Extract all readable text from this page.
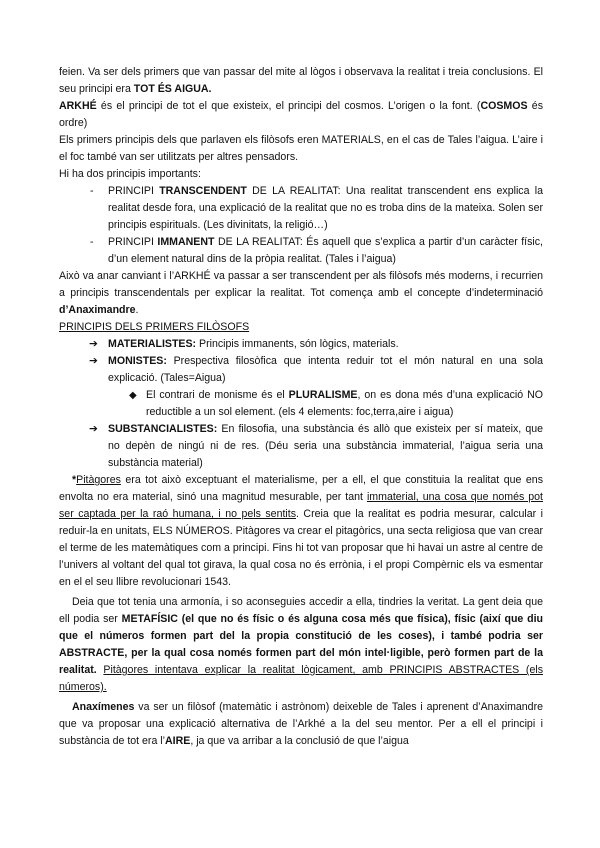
feien. Va ser dels primers que van passar del mite al lògos i observava la realitat i treia conclusions. El seu principi era TOT ÉS AIGUA.

ARKHÉ és el principi de tot el que existeix, el principi del cosmos. L’origen o la font. (COSMOS és ordre)

Els primers principis dels que parlaven els filòsofs eren MATERIALS, en el cas de Tales l’aigua. L’aire i el foc també van ser utilitzats per altres pensadors.

Hi ha dos principis importants:

- PRINCIPI TRANSCENDENT DE LA REALITAT: Una realitat transcendent ens explica la realitat desde fora, una explicació de la realitat que no es troba dins de la mateixa. Solen ser principis espirituals. (Les divinitats, la religió…)
- PRINCIPI IMMANENT DE LA REALITAT: És aquell que s’explica a partir d’un caràcter físic, d’un element natural dins de la pròpia realitat. (Tales i l’aigua)

Això va anar canviant i l’ARKHÉ va passar a ser transcendent per als filòsofs més moderns, i recurrien a principis transcendentals per explicar la realitat. Tot comença amb el concepte d’indeterminació d’Anaximandre.

PRINCIPIS DELS PRIMERS FILÒSOFS

➔ MATERIALISTES: Principis immanents, són lògics, materials.
➔ MONISTES: Prespectiva filosòfica que intenta reduir tot el món natural en una sola explicació. (Tales=Aigua)
◆ El contrari de monisme és el PLURALISME, on es dona més d’una explicació NO reductible a un sol element. (els 4 elements: foc,terra,aire i aigua)
➔ SUBSTANCIALISTES: En filosofia, una substància és allò que existeix per sí mateix, que no depèn de ningú ni de res. (Déu seria una substància immaterial, l’aigua seria una substància material)

*Pitàgores era tot això exceptuant el materialisme, per a ell, el que constituia la realitat que ens envolta no era material, sinó una magnitud mesurable, per tant immaterial, una cosa que només pot ser captada per la raó humana, i no pels sentits. Creia que la realitat es podria mesurar, calcular i reduir-la en unitats, ELS NÚMEROS. Pitàgores va crear el pitagòrics, una secta religiosa que van crear el terme de les matemàtiques com a principi. Fins hi tot van proposar que hi havai un astre al centre de l’univers al voltant del qual tot girava, la qual cosa no és errònia, i el propi Compèrnic els va esmentar en el el seu llibre revolucionari 1543.

Deia que tot tenia una armonía, i so aconseguies accedir a ella, tindries la veritat. La gent deia que ell podia ser METAFÍSIC (el que no és físic o és alguna cosa més que física), físic (així que diu que el números formen part del la propia constitució de les coses), i també podria ser ABSTRACTE, per la qual cosa només formen part del món intel·ligible, però formen part de la realitat. Pitàgores intentava explicar la realitat lògicament, amb PRINCIPIS ABSTRACTES (els números).

Anaxímenes va ser un filòsof (matemàtic i astrònom) deixeble de Tales i aprenent d’Anaximandre que va proposar una explicació alternativa de l’Arkhé a la del seu mentor. Per a ell el principi i substància de tot era l’AIRE, ja que va arribar a la conclusió de que l’aigua
